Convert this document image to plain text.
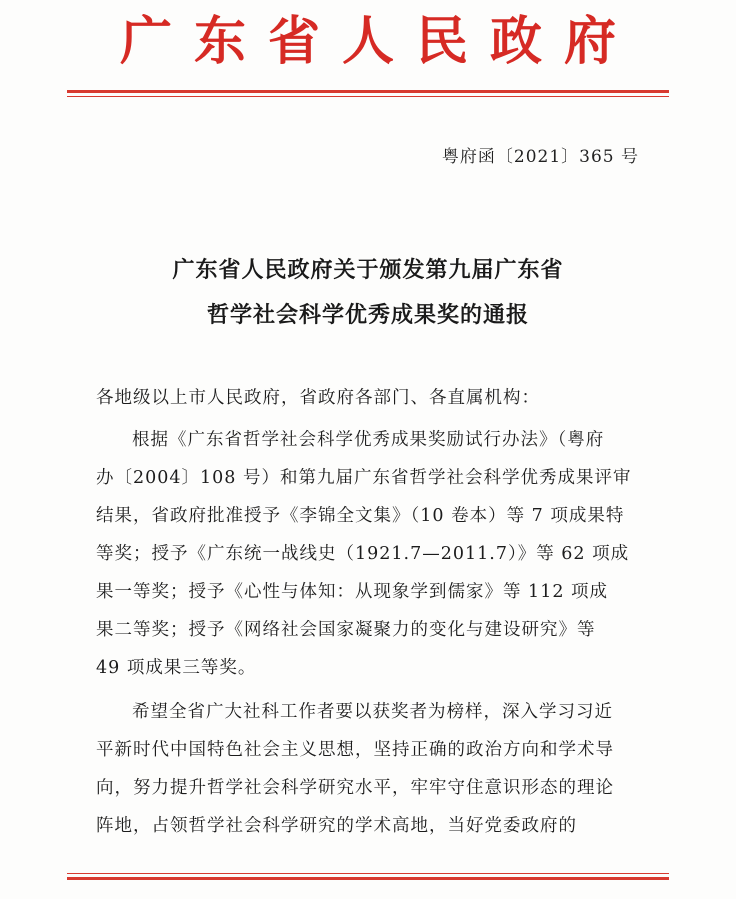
广东省人民政府
粤府函〔2021〕365 号
广东省人民政府关于颁发第九届广东省
哲学社会科学优秀成果奖的通报
各地级以上市人民政府，省政府各部门、各直属机构：
根据《广东省哲学社会科学优秀成果奖励试行办法》（粤府
办〔2004〕108 号）和第九届广东省哲学社会科学优秀成果评审
结果，省政府批准授予《李锦全文集》（10 卷本）等 7 项成果特
等奖；授予《广东统一战线史（1921.7—2011.7）》等 62 项成
果一等奖；授予《心性与体知：从现象学到儒家》等 112 项成
果二等奖；授予《网络社会国家凝聚力的变化与建设研究》等
49 项成果三等奖。
希望全省广大社科工作者要以获奖者为榜样，深入学习习近
平新时代中国特色社会主义思想，坚持正确的政治方向和学术导
向，努力提升哲学社会科学研究水平，牢牢守住意识形态的理论
阵地，占领哲学社会科学研究的学术高地，当好党委政府的
